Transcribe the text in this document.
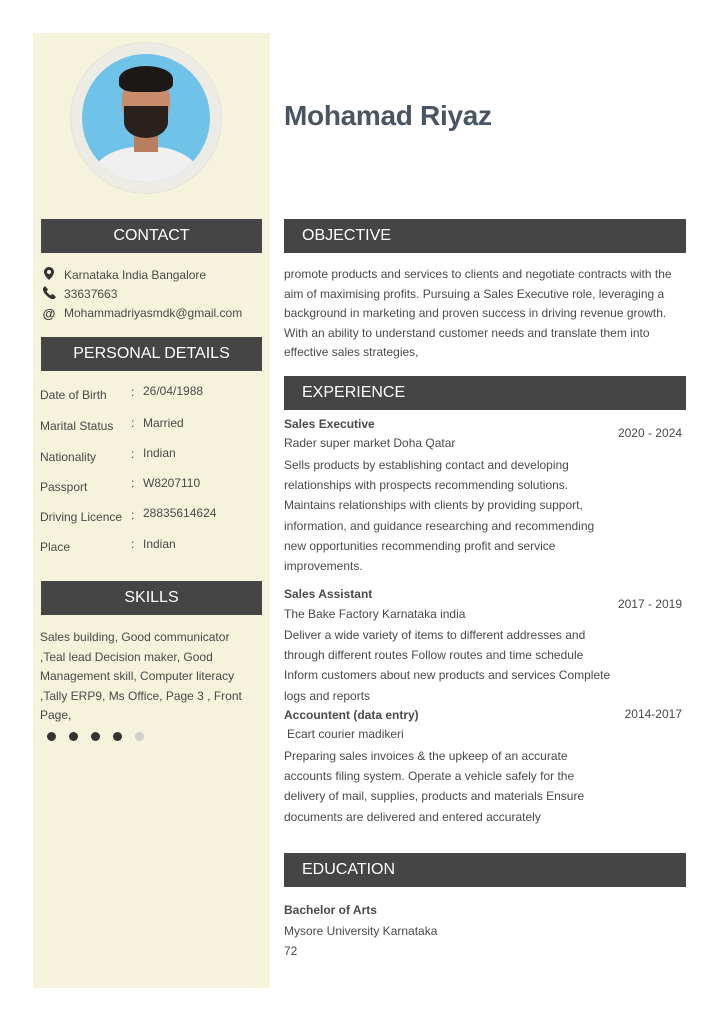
Mohamad Riyaz
CONTACT
Karnataka India Bangalore
33637663
@ Mohammadriyasmdk@gmail.com
PERSONAL DETAILS
Date of Birth : 26/04/1988
Marital Status : Married
Nationality	: Indian
Passport	: W8207110
Driving Licence : 28835614624
Place	: Indian
SKILLS
Sales building, Good communicator ,Teal lead Decision maker, Good Management skill, Computer literacy ,Tally ERP9, Ms Office, Page 3 , Front Page,
OBJECTIVE
promote products and services to clients and negotiate contracts with the aim of maximising profits. Pursuing a Sales Executive role, leveraging a background in marketing and proven success in driving revenue growth. With an ability to understand customer needs and translate them into effective sales strategies,
EXPERIENCE
Sales Executive
Rader super market Doha Qatar
2020 - 2024
Sells products by establishing contact and developing relationships with prospects recommending solutions. Maintains relationships with clients by providing support, information, and guidance researching and recommending new opportunities recommending profit and service improvements.
Sales Assistant
The Bake Factory Karnataka india
2017 - 2019
Deliver a wide variety of items to different addresses and through different routes Follow routes and time schedule Inform customers about new products and services Complete logs and reports
Accountent (data entry)
Ecart courier madikeri
2014-2017
Preparing sales invoices & the upkeep of an accurate accounts filing system. Operate a vehicle safely for the delivery of mail, supplies, products and materials Ensure documents are delivered and entered accurately
EDUCATION
Bachelor of Arts
Mysore University Karnataka
72
